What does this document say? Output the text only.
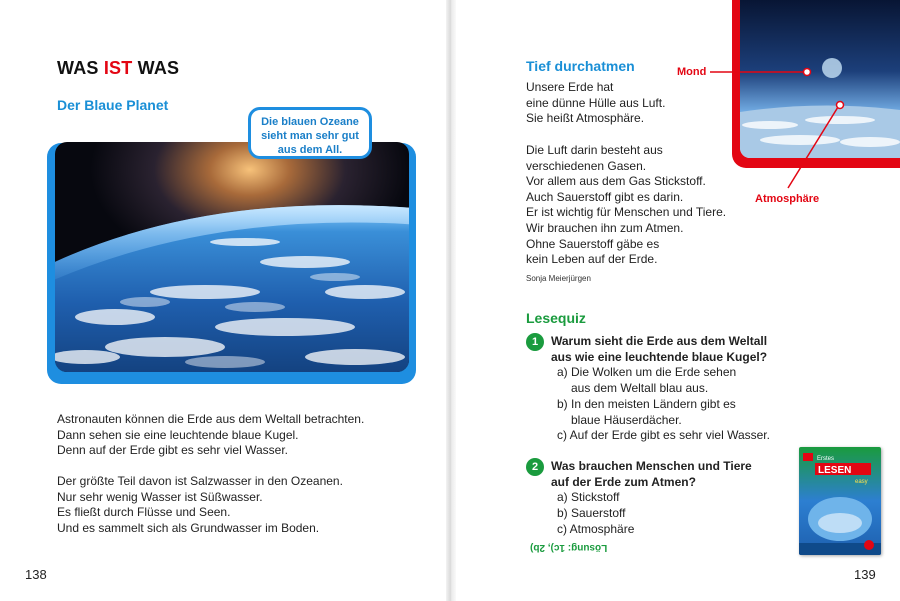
WAS IST WAS
Der Blaue Planet
Die blauen Ozeane
sieht man sehr gut
aus dem All.
Astronauten können die Erde aus dem Weltall betrachten.
Dann sehen sie eine leuchtende blaue Kugel.
Denn auf der Erde gibt es sehr viel Wasser.
Der größte Teil davon ist Salzwasser in den Ozeanen.
Nur sehr wenig Wasser ist Süßwasser.
Es fließt durch Flüsse und Seen.
Und es sammelt sich als Grundwasser im Boden.
138
Tief durchatmen
Unsere Erde hat
eine dünne Hülle aus Luft.
Sie heißt Atmosphäre.
Die Luft darin besteht aus
verschiedenen Gasen.
Vor allem aus dem Gas Stickstoff.
Auch Sauerstoff gibt es darin.
Er ist wichtig für Menschen und Tiere.
Wir brauchen ihn zum Atmen.
Ohne Sauerstoff gäbe es
kein Leben auf der Erde.
Sonja Meierjürgen
Mond
Atmosphäre
Lesequiz
1	Warum sieht die Erde aus dem Weltall
aus wie eine leuchtende blaue Kugel?
a) Die Wolken um die Erde sehen
aus dem Weltall blau aus.
b) In den meisten Ländern gibt es
blaue Häuserdächer.
c) Auf der Erde gibt es sehr viel Wasser.
2	Was brauchen Menschen und Tiere
auf der Erde zum Atmen?
a) Stickstoff
b) Sauerstoff
c) Atmosphäre
Lösung: 1c), 2b)
Erstes
LESEN
easy
139
